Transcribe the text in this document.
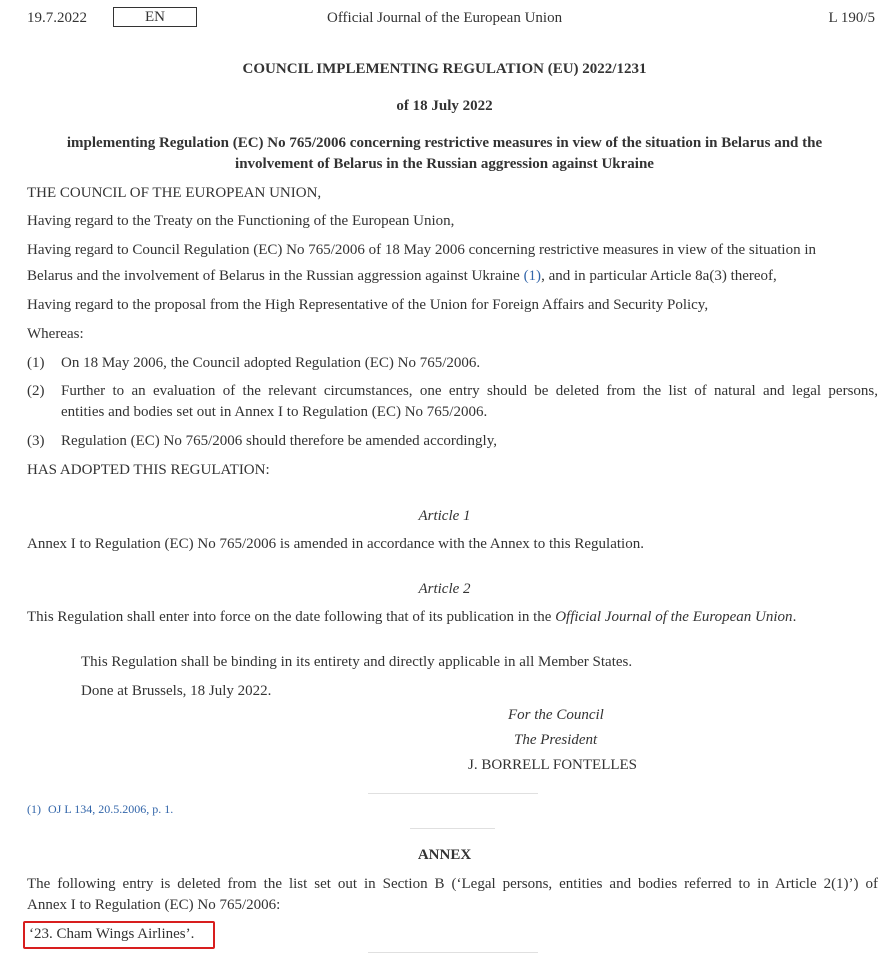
19.7.2022	EN	Official Journal of the European Union	L 190/5
COUNCIL IMPLEMENTING REGULATION (EU) 2022/1231
of 18 July 2022
implementing Regulation (EC) No 765/2006 concerning restrictive measures in view of the situation in Belarus and the
involvement of Belarus in the Russian aggression against Ukraine
THE COUNCIL OF THE EUROPEAN UNION,
Having regard to the Treaty on the Functioning of the European Union,
Having regard to Council Regulation (EC) No 765/2006 of 18 May 2006 concerning restrictive measures in view of the situation in
Belarus and the involvement of Belarus in the Russian aggression against Ukraine (1), and in particular Article 8a(3) thereof,
Having regard to the proposal from the High Representative of the Union for Foreign Affairs and Security Policy,
Whereas:
(1) On 18 May 2006, the Council adopted Regulation (EC) No 765/2006.
(2) Further to an evaluation of the relevant circumstances, one entry should be deleted from the list of natural and legal persons,
entities and bodies set out in Annex I to Regulation (EC) No 765/2006.
(3) Regulation (EC) No 765/2006 should therefore be amended accordingly,
HAS ADOPTED THIS REGULATION:
Article 1
Annex I to Regulation (EC) No 765/2006 is amended in accordance with the Annex to this Regulation.
Article 2
This Regulation shall enter into force on the date following that of its publication in the Official Journal of the European Union.
This Regulation shall be binding in its entirety and directly applicable in all Member States.
Done at Brussels, 18 July 2022.
For the Council
The President
J. BORRELL FONTELLES
(1) OJ L 134, 20.5.2006, p. 1.
ANNEX
The following entry is deleted from the list set out in Section B (‘Legal persons, entities and bodies referred to in Article 2(1)’) of
Annex I to Regulation (EC) No 765/2006:
‘23. Cham Wings Airlines’.
